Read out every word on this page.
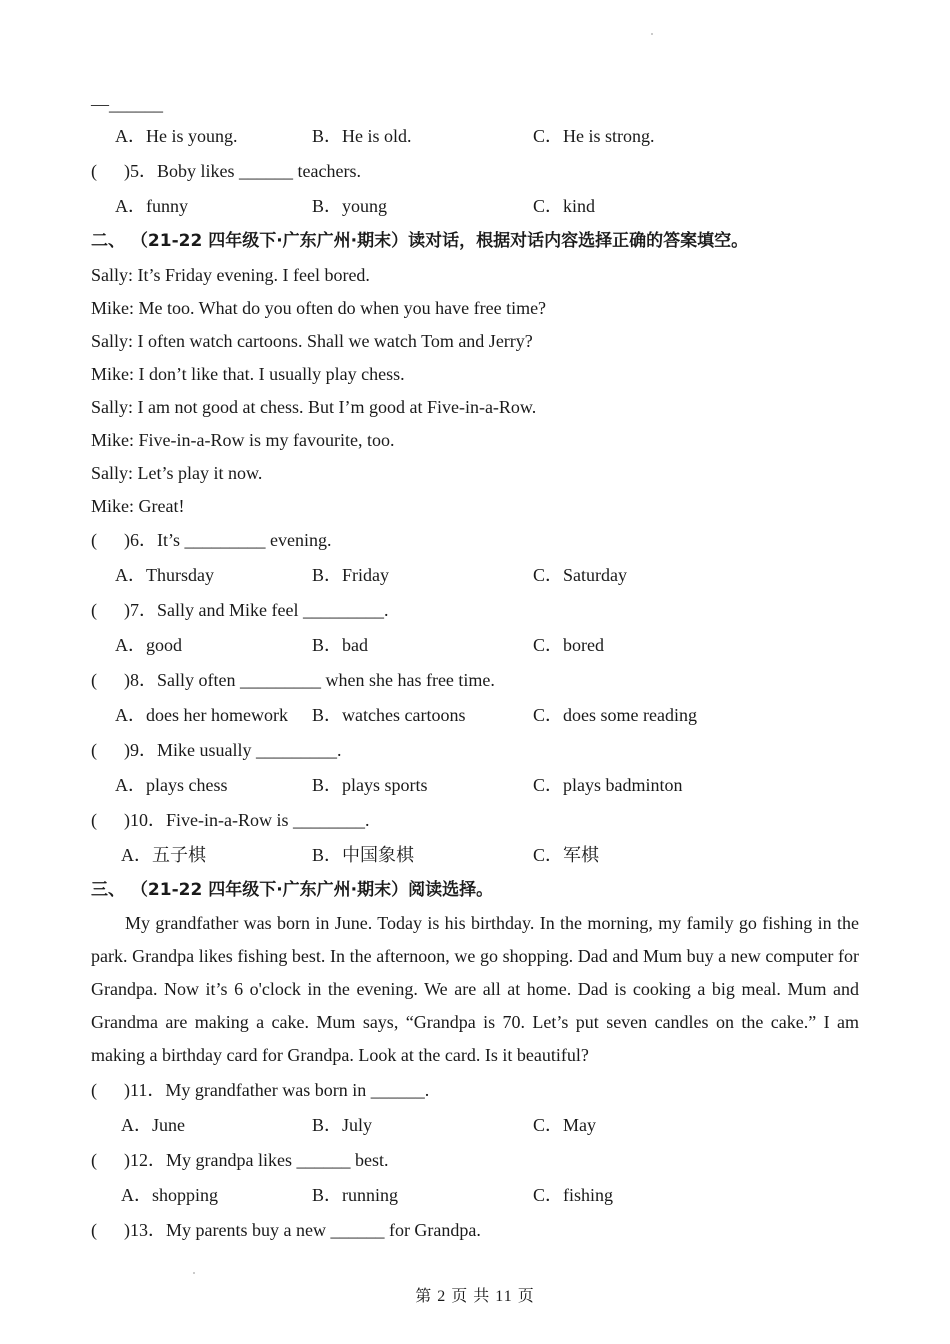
—______
A．He is young.	B．He is old.	C．He is strong.
(      )5．Boby likes ______ teachers.
A．funny	B．young	C．kind
二、 （21-22 四年级下·广东广州·期末）读对话，根据对话内容选择正确的答案填空。
Sally: It’s Friday evening. I feel bored.
Mike: Me too. What do you often do when you have free time?
Sally: I often watch cartoons. Shall we watch Tom and Jerry?
Mike: I don’t like that. I usually play chess.
Sally: I am not good at chess. But I’m good at Five-in-a-Row.
Mike: Five-in-a-Row is my favourite, too.
Sally: Let’s play it now.
Mike: Great!
(      )6．It’s _________ evening.
A．Thursday	B．Friday	C．Saturday
(      )7．Sally and Mike feel _________.
A．good	B．bad	C．bored
(      )8．Sally often _________ when she has free time.
A．does her homework B．watches cartoons	C．does some reading
(      )9．Mike usually _________.
A．plays chess	B．plays sports	C．plays badminton
(      )10．Five-in-a-Row is ________.
A．五子棋	B．中国象棋	C．军棋
三、 （21-22 四年级下·广东广州·期末）阅读选择。
My grandfather was born in June. Today is his birthday. In the morning, my family go fishing in the park. Grandpa likes fishing best. In the afternoon, we go shopping. Dad and Mum buy a new computer for Grandpa. Now it’s 6 o'clock in the evening. We are all at home. Dad is cooking a big meal. Mum and Grandma are making a cake. Mum says, “Grandpa is 70. Let’s put seven candles on the cake.” I am making a birthday card for Grandpa. Look at the card. Is it beautiful?
(      )11．My grandfather was born in ______.
A．June	B．July	C．May
(      )12．My grandpa likes ______ best.
A．shopping	B．running	C．fishing
(      )13．My parents buy a new ______ for Grandpa.
第 2 页 共 11 页
